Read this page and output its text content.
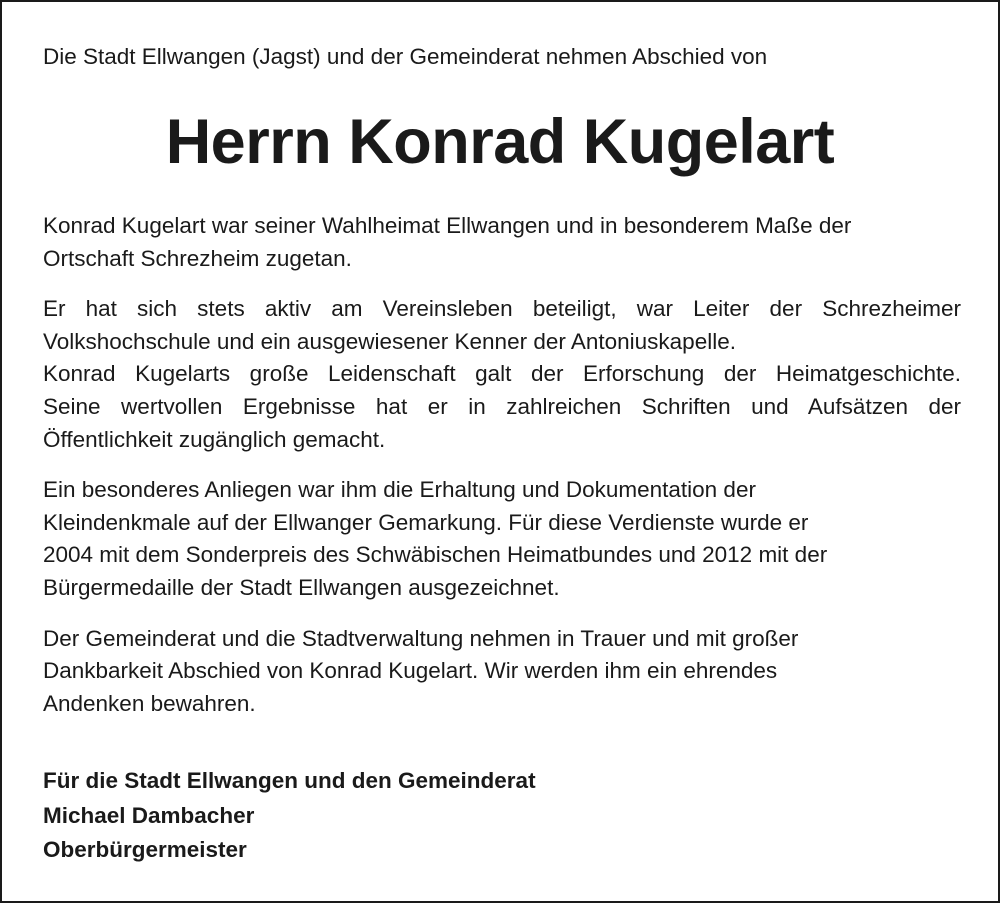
Die Stadt Ellwangen (Jagst) und der Gemeinderat nehmen Abschied von

Herrn Konrad Kugelart

Konrad Kugelart war seiner Wahlheimat Ellwangen und in besonderem Maße der
Ortschaft Schrezheim zugetan.

Er hat sich stets aktiv am Vereinsleben beteiligt, war Leiter der Schrezheimer
Volkshochschule und ein ausgewiesener Kenner der Antoniuskapelle.
Konrad Kugelarts große Leidenschaft galt der Erforschung der Heimatgeschichte.
Seine wertvollen Ergebnisse hat er in zahlreichen Schriften und Aufsätzen der
Öffentlichkeit zugänglich gemacht.

Ein besonderes Anliegen war ihm die Erhaltung und Dokumentation der
Kleindenkmale auf der Ellwanger Gemarkung. Für diese Verdienste wurde er
2004 mit dem Sonderpreis des Schwäbischen Heimatbundes und 2012 mit der
Bürgermedaille der Stadt Ellwangen ausgezeichnet.

Der Gemeinderat und die Stadtverwaltung nehmen in Trauer und mit großer
Dankbarkeit Abschied von Konrad Kugelart. Wir werden ihm ein ehrendes
Andenken bewahren.

Für die Stadt Ellwangen und den Gemeinderat
Michael Dambacher
Oberbürgermeister
